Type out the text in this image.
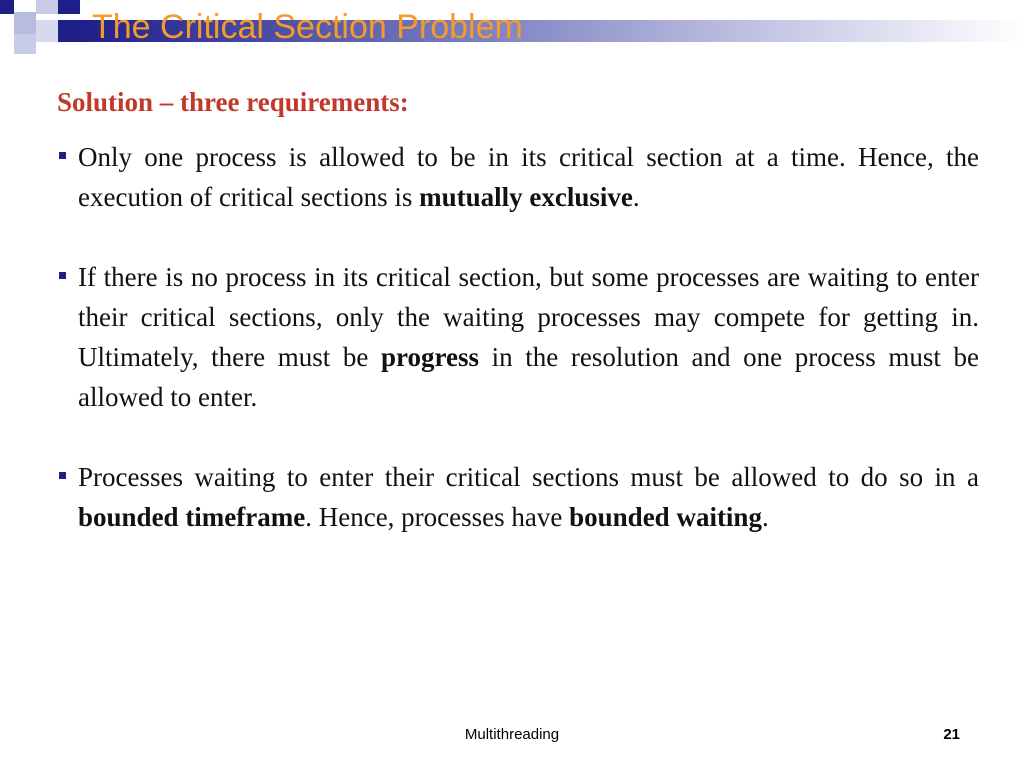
The Critical Section Problem
Solution – three requirements:
Only one process is allowed to be in its critical section at a time. Hence, the execution of critical sections is mutually exclusive.
If there is no process in its critical section, but some processes are waiting to enter their critical sections, only the waiting processes may compete for getting in. Ultimately, there must be progress in the resolution and one process must be allowed to enter.
Processes waiting to enter their critical sections must be allowed to do so in a bounded timeframe. Hence, processes have bounded waiting.
Multithreading	21
